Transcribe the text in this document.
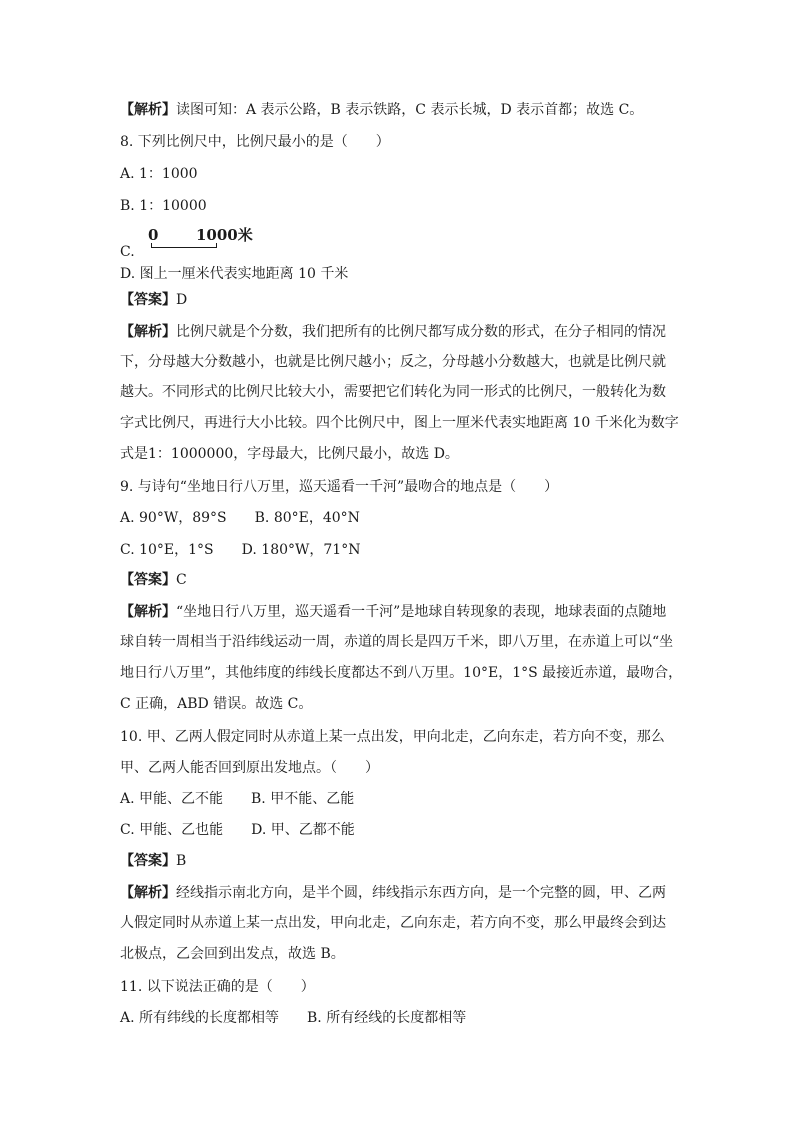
【解析】读图可知：A 表示公路，B 表示铁路，C 表示长城，D 表示首都；故选 C。
8. 下列比例尺中，比例尺最小的是（　　）
A. 1：1000
B. 1：10000
C.
0	1000米
D. 图上一厘米代表实地距离 10 千米
【答案】D
【解析】比例尺就是个分数，我们把所有的比例尺都写成分数的形式，在分子相同的情况
下，分母越大分数越小，也就是比例尺越小；反之，分母越小分数越大，也就是比例尺就
越大。不同形式的比例尺比较大小，需要把它们转化为同一形式的比例尺，一般转化为数
字式比例尺，再进行大小比较。四个比例尺中，图上一厘米代表实地距离 10 千米化为数字
式是1：1000000，字母最大，比例尺最小，故选 D。
9. 与诗句“坐地日行八万里，巡天遥看一千河”最吻合的地点是（　　）
A. 90°W，89°S B. 80°E，40°N
C. 10°E，1°S D. 180°W，71°N
【答案】C
【解析】“坐地日行八万里，巡天遥看一千河”是地球自转现象的表现，地球表面的点随地
球自转一周相当于沿纬线运动一周，赤道的周长是四万千米，即八万里，在赤道上可以“坐
地日行八万里”，其他纬度的纬线长度都达不到八万里。10°E，1°S 最接近赤道，最吻合，
C 正确，ABD 错误。故选 C。
10. 甲、乙两人假定同时从赤道上某一点出发，甲向北走，乙向东走，若方向不变，那么
甲、乙两人能否回到原出发地点。（　　）
A. 甲能、乙不能 B. 甲不能、乙能
C. 甲能、乙也能 D. 甲、乙都不能
【答案】B
【解析】经线指示南北方向，是半个圆，纬线指示东西方向，是一个完整的圆，甲、乙两
人假定同时从赤道上某一点出发，甲向北走，乙向东走，若方向不变，那么甲最终会到达
北极点，乙会回到出发点，故选 B。
11. 以下说法正确的是（　　）
A. 所有纬线的长度都相等 B. 所有经线的长度都相等
